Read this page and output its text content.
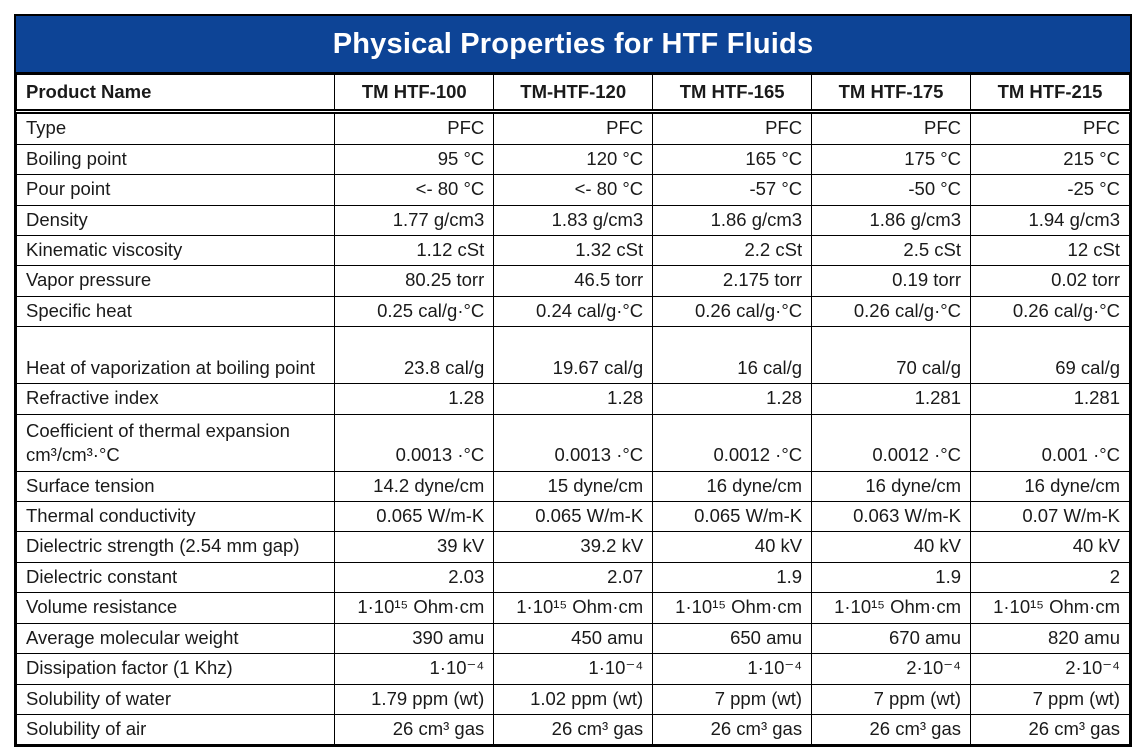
Physical Properties for HTF Fluids
Product Name	TM HTF-100	TM-HTF-120	TM HTF-165	TM HTF-175	TM HTF-215
Type	PFC	PFC	PFC	PFC	PFC
Boiling point	95 °C	120 °C	165 °C	175 °C	215 °C
Pour point	<- 80 °C	<- 80 °C	-57 °C	-50 °C	-25 °C
Density	1.77 g/cm3	1.83 g/cm3	1.86 g/cm3	1.86 g/cm3	1.94 g/cm3
Kinematic viscosity	1.12 cSt	1.32 cSt	2.2 cSt	2.5 cSt	12 cSt
Vapor pressure	80.25 torr	46.5 torr	2.175 torr	0.19 torr	0.02 torr
Specific heat	0.25 cal/g·°C	0.24 cal/g·°C	0.26 cal/g·°C	0.26 cal/g·°C	0.26 cal/g·°C
Heat of vaporization at boiling point	23.8 cal/g	19.67 cal/g	16 cal/g	70 cal/g	69 cal/g
Refractive index	1.28	1.28	1.28	1.281	1.281
Coefficient of thermal expansion cm³/cm³·°C	0.0013 ·°C	0.0013 ·°C	0.0012 ·°C	0.0012 ·°C	0.001 ·°C
Surface tension	14.2 dyne/cm	15 dyne/cm	16 dyne/cm	16 dyne/cm	16 dyne/cm
Thermal conductivity	0.065 W/m-K	0.065 W/m-K	0.065 W/m-K	0.063 W/m-K	0.07 W/m-K
Dielectric strength (2.54 mm gap)	39 kV	39.2 kV	40 kV	40 kV	40 kV
Dielectric constant	2.03	2.07	1.9	1.9	2
Volume resistance	1·10¹⁵ Ohm·cm	1·10¹⁵ Ohm·cm	1·10¹⁵ Ohm·cm	1·10¹⁵ Ohm·cm	1·10¹⁵ Ohm·cm
Average molecular weight	390 amu	450 amu	650 amu	670 amu	820 amu
Dissipation factor (1 Khz)	1·10⁻⁴	1·10⁻⁴	1·10⁻⁴	2·10⁻⁴	2·10⁻⁴
Solubility of water	1.79 ppm (wt)	1.02 ppm (wt)	7 ppm (wt)	7 ppm (wt)	7 ppm (wt)
Solubility of air	26 cm³ gas	26 cm³ gas	26 cm³ gas	26 cm³ gas	26 cm³ gas
